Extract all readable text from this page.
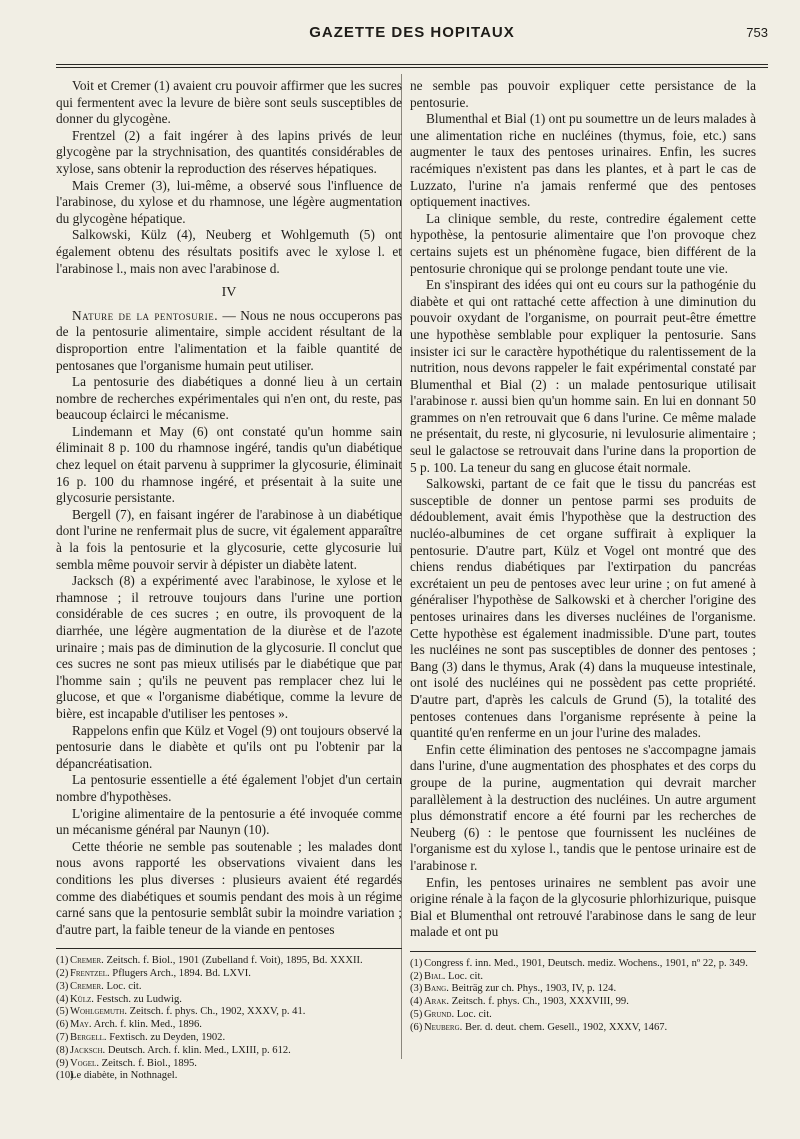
GAZETTE DES HOPITAUX	753

Voit et Cremer (1) avaient cru pouvoir affirmer que les sucres qui fermentent avec la levure de bière sont seuls susceptibles de donner du glycogène.

Frentzel (2) a fait ingérer à des lapins privés de leur glycogène par la strychnisation, des quantités considérables de xylose, sans obtenir la reproduction des réserves hépatiques.

Mais Cremer (3), lui-même, a observé sous l'influence de l'arabinose, du xylose et du rhamnose, une légère augmentation du glycogène hépatique.

Salkowski, Külz (4), Neuberg et Wohlgemuth (5) ont également obtenu des résultats positifs avec le xylose l. et l'arabinose l., mais non avec l'arabinose d.

IV

Nature de la pentosurie. — Nous ne nous occuperons pas de la pentosurie alimentaire, simple accident résultant de la disproportion entre l'alimentation et la faible quantité de pentosanes que l'organisme humain peut utiliser.

La pentosurie des diabétiques a donné lieu à un certain nombre de recherches expérimentales qui n'en ont, du reste, pas beaucoup éclairci le mécanisme.

Lindemann et May (6) ont constaté qu'un homme sain éliminait 8 p. 100 du rhamnose ingéré, tandis qu'un diabétique chez lequel on était parvenu à supprimer la glycosurie, éliminait 16 p. 100 du rhamnose ingéré, et présentait à la suite une glycosurie persistante.

Bergell (7), en faisant ingérer de l'arabinose à un diabétique dont l'urine ne renfermait plus de sucre, vit également apparaître à la fois la pentosurie et la glycosurie, cette glycosurie lui sembla même pouvoir servir à dépister un diabète latent.

Jacksch (8) a expérimenté avec l'arabinose, le xylose et le rhamnose ; il retrouve toujours dans l'urine une portion considérable de ces sucres ; en outre, ils provoquent de la diarrhée, une légère augmentation de la diurèse et de l'azote urinaire ; mais pas de diminution de la glycosurie. Il conclut que ces sucres ne sont pas mieux utilisés par le diabétique que par l'homme sain ; qu'ils ne peuvent pas remplacer chez lui le glucose, et que « l'organisme diabétique, comme la levure de bière, est incapable d'utiliser les pentoses ».

Rappelons enfin que Külz et Vogel (9) ont toujours observé la pentosurie dans le diabète et qu'ils ont pu l'obtenir par la dépancréatisation.

La pentosurie essentielle a été également l'objet d'un certain nombre d'hypothèses.

L'origine alimentaire de la pentosurie a été invoquée comme un mécanisme général par Naunyn (10).

Cette théorie ne semble pas soutenable ; les malades dont nous avons rapporté les observations vivaient dans les conditions les plus diverses : plusieurs avaient été regardés comme des diabétiques et soumis pendant des mois à un régime carné sans que la pentosurie semblât subir la moindre variation ; d'autre part, la faible teneur de la viande en pentoses

(1) Cremer. Zeitsch. f. Biol., 1901 (Zubelland f. Voit), 1895, Bd. XXXII.

(2) Frentzel. Pflugers Arch., 1894. Bd. LXVI.

(3) Cremer. Loc. cit.

(4) Külz. Festsch. zu Ludwig.

(5) Wohlgemuth. Zeitsch. f. phys. Ch., 1902, XXXV, p. 41.

(6) May. Arch. f. klin. Med., 1896.

(7) Bergell. Fextisch. zu Deyden, 1902.

(8) Jacksch. Deutsch. Arch. f. klin. Med., LXIII, p. 612.

(9) Vogel. Zeitsch. f. Biol., 1895.

(10)Le diabète, in Nothnagel.

ne semble pas pouvoir expliquer cette persistance de la pentosurie.

Blumenthal et Bial (1) ont pu soumettre un de leurs malades à une alimentation riche en nucléines (thymus, foie, etc.) sans augmenter le taux des pentoses urinaires. Enfin, les sucres racémiques n'existent pas dans les plantes, et à part le cas de Luzzato, l'urine n'a jamais renfermé que des pentoses optiquement inactives.

La clinique semble, du reste, contredire également cette hypothèse, la pentosurie alimentaire que l'on provoque chez certains sujets est un phénomène fugace, bien différent de la pentosurie chronique qui se prolonge pendant toute une vie.

En s'inspirant des idées qui ont eu cours sur la pathogénie du diabète et qui ont rattaché cette affection à une diminution du pouvoir oxydant de l'organisme, on pourrait peut-être émettre une hypothèse semblable pour expliquer la pentosurie. Sans insister ici sur le caractère hypothétique du ralentissement de la nutrition, nous devons rappeler le fait expérimental constaté par Blumenthal et Bial (2) : un malade pentosurique utilisait l'arabinose r. aussi bien qu'un homme sain. En lui en donnant 50 grammes on n'en retrouvait que 6 dans l'urine. Ce même malade ne présentait, du reste, ni glycosurie, ni levulosurie alimentaire ; seul le galactose se retrouvait dans l'urine dans la proportion de 5 p. 100. La teneur du sang en glucose était normale.

Salkowski, partant de ce fait que le tissu du pancréas est susceptible de donner un pentose parmi ses produits de dédoublement, avait émis l'hypothèse que la destruction des nucléo-albumines de cet organe suffirait à expliquer la pentosurie. D'autre part, Külz et Vogel ont montré que des chiens rendus diabétiques par l'extirpation du pancréas excrétaient un peu de pentoses avec leur urine ; on fut amené à généraliser l'hypothèse de Salkowski et à chercher l'origine des pentoses urinaires dans les diverses nucléines de l'organisme. Cette hypothèse est également inadmissible. D'une part, toutes les nucléines ne sont pas susceptibles de donner des pentoses ; Bang (3) dans le thymus, Arak (4) dans la muqueuse intestinale, ont isolé des nucléines qui ne possèdent pas cette propriété. D'autre part, d'après les calculs de Grund (5), la totalité des pentoses contenues dans l'organisme représente à peine la quantité qu'en renferme en un jour l'urine des malades.

Enfin cette élimination des pentoses ne s'accompagne jamais dans l'urine, d'une augmentation des phosphates et des corps du groupe de la purine, augmentation qui devrait marcher parallèlement à la destruction des nucléines. Un autre argument plus démonstratif encore a été fourni par les recherches de Neuberg (6) : le pentose que fournissent les nucléines de l'organisme est du xylose l., tandis que le pentose urinaire est de l'arabinose r.

Enfin, les pentoses urinaires ne semblent pas avoir une origine rénale à la façon de la glycosurie phlorhizurique, puisque Bial et Blumenthal ont retrouvé l'arabinose dans le sang de leur malade et ont pu

(1) Congress f. inn. Med., 1901, Deutsch. mediz. Wochens., 1901, nº 22, p. 349.

(2) Bial. Loc. cit.

(3) Bang. Beiträg zur ch. Phys., 1903, IV, p. 124.

(4) Arak. Zeitsch. f. phys. Ch., 1903, XXXVIII, 99.

(5) Grund. Loc. cit.

(6) Neuberg. Ber. d. deut. chem. Gesell., 1902, XXXV, 1467.
